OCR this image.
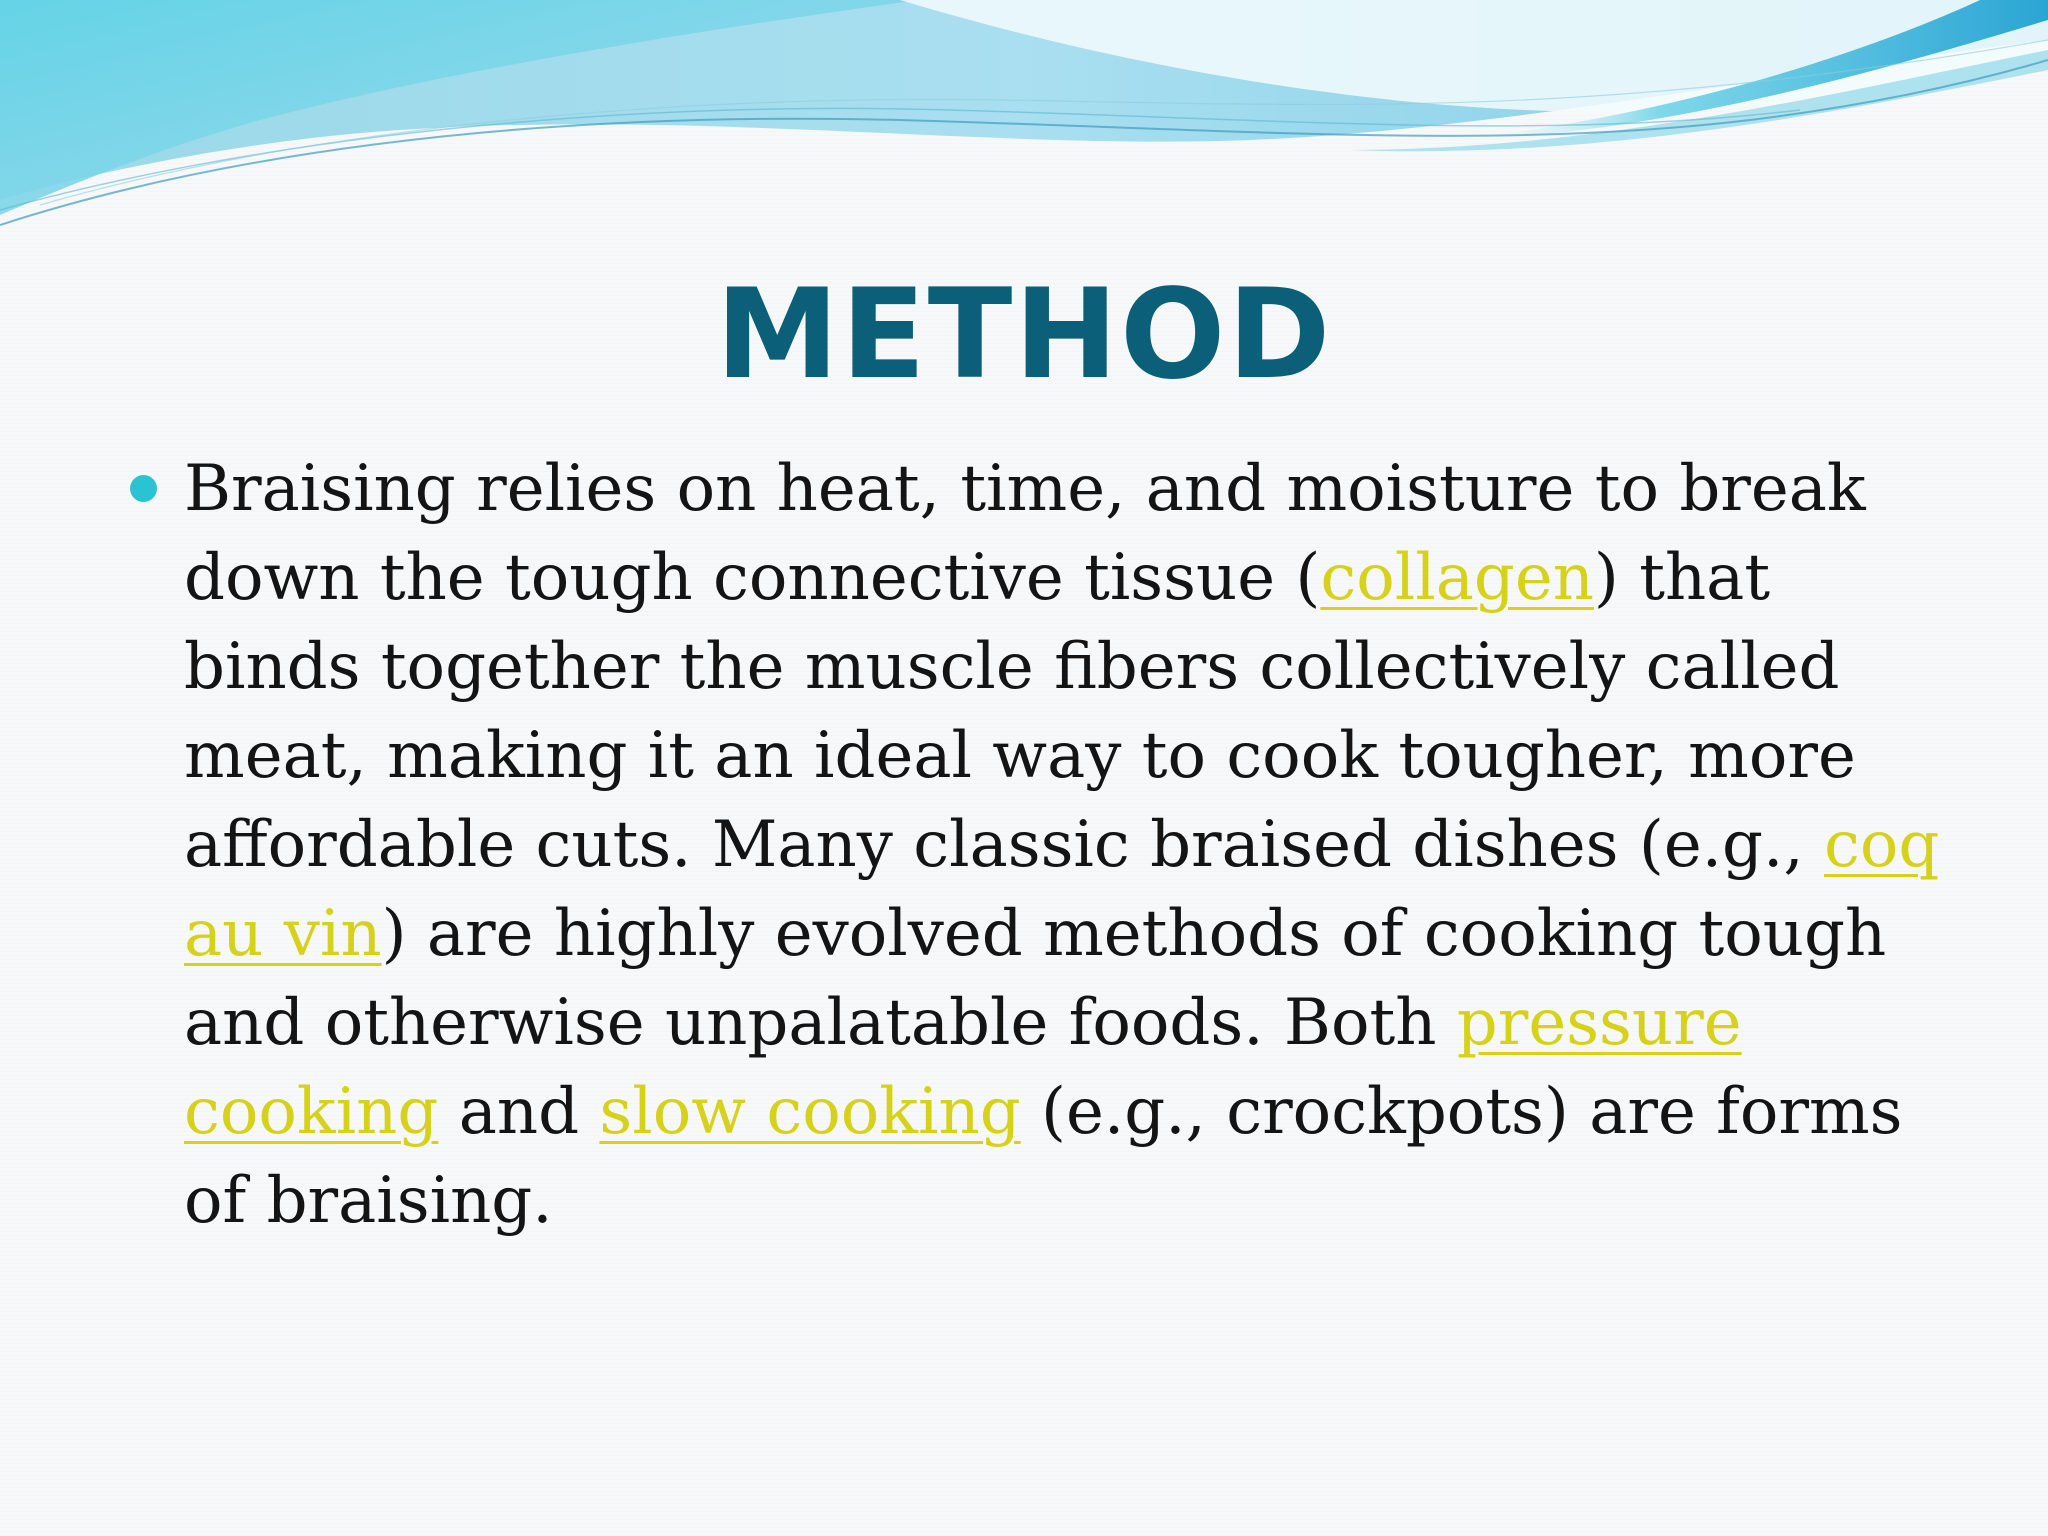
METHOD
Braising relies on heat, time, and moisture to break down the tough connective tissue (collagen) that binds together the muscle fibers collectively called meat, making it an ideal way to cook tougher, more affordable cuts. Many classic braised dishes (e.g., coq au vin) are highly evolved methods of cooking tough and otherwise unpalatable foods. Both pressure cooking and slow cooking (e.g., crockpots) are forms of braising.
